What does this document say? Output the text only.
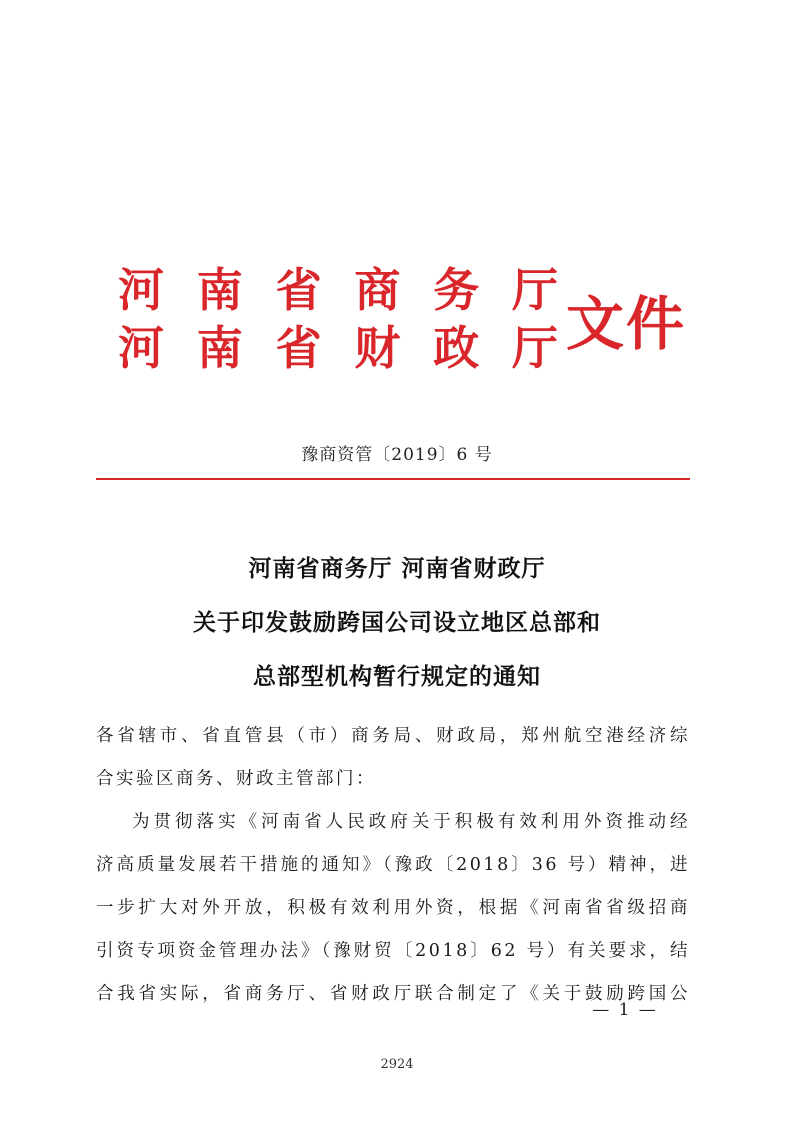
河 南 省 商 务 厅
河 南 省 财 政 厅 文件
豫商资管〔2019〕6 号
河南省商务厅 河南省财政厅
关于印发鼓励跨国公司设立地区总部和
总部型机构暂行规定的通知
各省辖市、省直管县（市）商务局、财政局，郑州航空港经济综
合实验区商务、财政主管部门：
为贯彻落实《河南省人民政府关于积极有效利用外资推动经
济高质量发展若干措施的通知》（豫政〔2018〕36 号）精神，进
一步扩大对外开放，积极有效利用外资，根据《河南省省级招商
引资专项资金管理办法》（豫财贸〔2018〕62 号）有关要求，结
合我省实际，省商务厅、省财政厅联合制定了《关于鼓励跨国公
— 1 —
2924
